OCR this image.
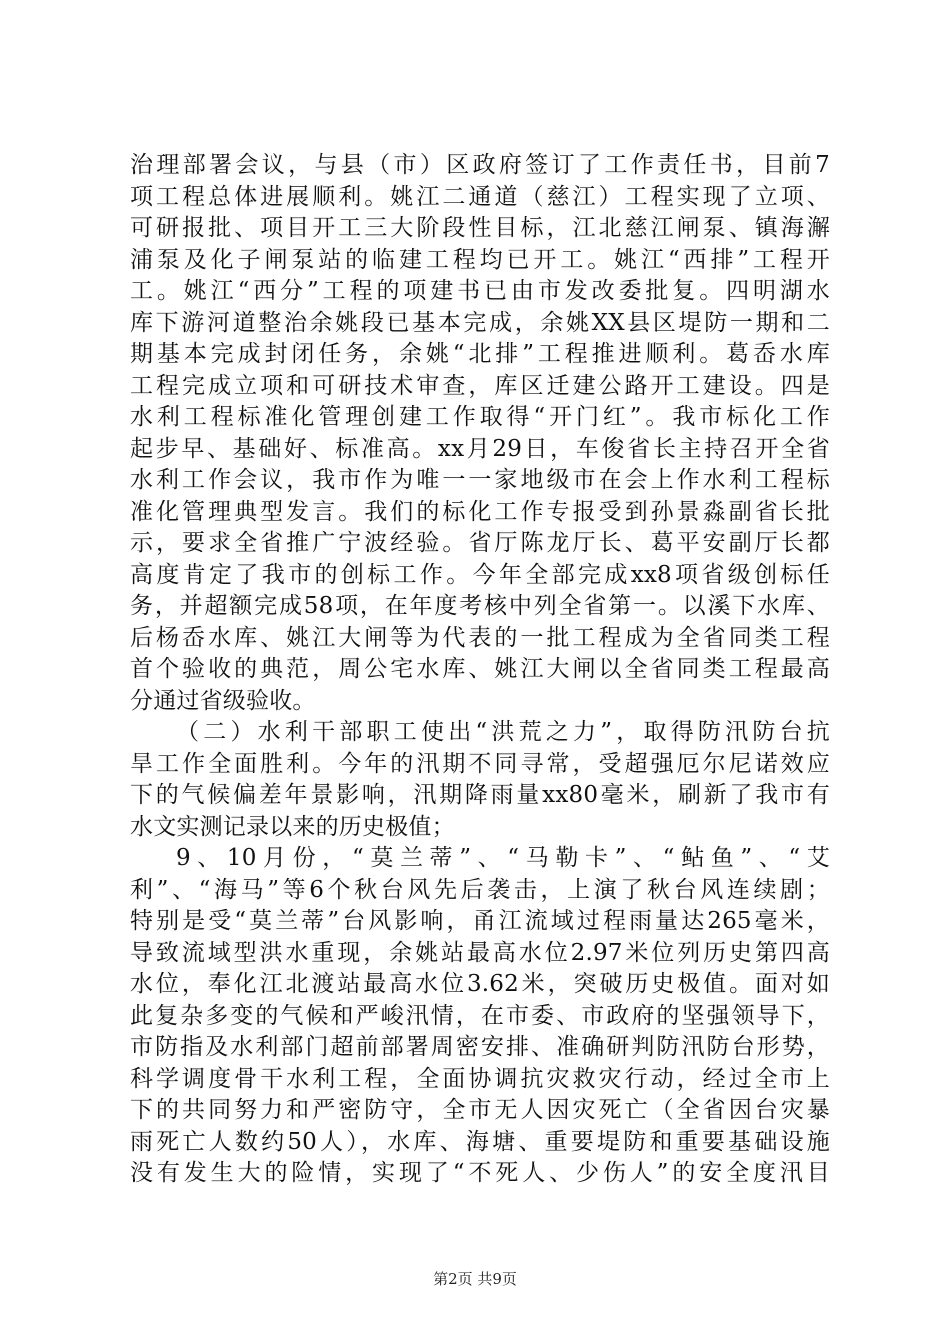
治理部署会议，与县（市）区政府签订了工作责任书，目前7
项工程总体进展顺利。姚江二通道（慈江）工程实现了立项、
可研报批、项目开工三大阶段性目标，江北慈江闸泵、镇海澥
浦泵及化子闸泵站的临建工程均已开工。姚江“西排”工程开
工。姚江“西分”工程的项建书已由市发改委批复。四明湖水
库下游河道整治余姚段已基本完成，余姚XX县区堤防一期和二
期基本完成封闭任务，余姚“北排”工程推进顺利。葛岙水库
工程完成立项和可研技术审查，库区迁建公路开工建设。四是
水利工程标准化管理创建工作取得“开门红”。我市标化工作
起步早、基础好、标准高。xx月29日，车俊省长主持召开全省
水利工作会议，我市作为唯一一家地级市在会上作水利工程标
准化管理典型发言。我们的标化工作专报受到孙景淼副省长批
示，要求全省推广宁波经验。省厅陈龙厅长、葛平安副厅长都
高度肯定了我市的创标工作。今年全部完成xx8项省级创标任
务，并超额完成58项，在年度考核中列全省第一。以溪下水库、
后杨岙水库、姚江大闸等为代表的一批工程成为全省同类工程
首个验收的典范，周公宅水库、姚江大闸以全省同类工程最高
分通过省级验收。
（二）水利干部职工使出“洪荒之力”，取得防汛防台抗
旱工作全面胜利。今年的汛期不同寻常，受超强厄尔尼诺效应
下的气候偏差年景影响，汛期降雨量xx80毫米，刷新了我市有
水文实测记录以来的历史极值；
9、10月份，“莫兰蒂”、“马勒卡”、“鲇鱼”、“艾
利”、“海马”等6个秋台风先后袭击，上演了秋台风连续剧；
特别是受“莫兰蒂”台风影响，甬江流域过程雨量达265毫米，
导致流域型洪水重现，余姚站最高水位2.97米位列历史第四高
水位，奉化江北渡站最高水位3.62米，突破历史极值。面对如
此复杂多变的气候和严峻汛情，在市委、市政府的坚强领导下，
市防指及水利部门超前部署周密安排、准确研判防汛防台形势，
科学调度骨干水利工程，全面协调抗灾救灾行动，经过全市上
下的共同努力和严密防守，全市无人因灾死亡（全省因台灾暴
雨死亡人数约50人），水库、海塘、重要堤防和重要基础设施
没有发生大的险情，实现了“不死人、少伤人”的安全度汛目
第2页 共9页
